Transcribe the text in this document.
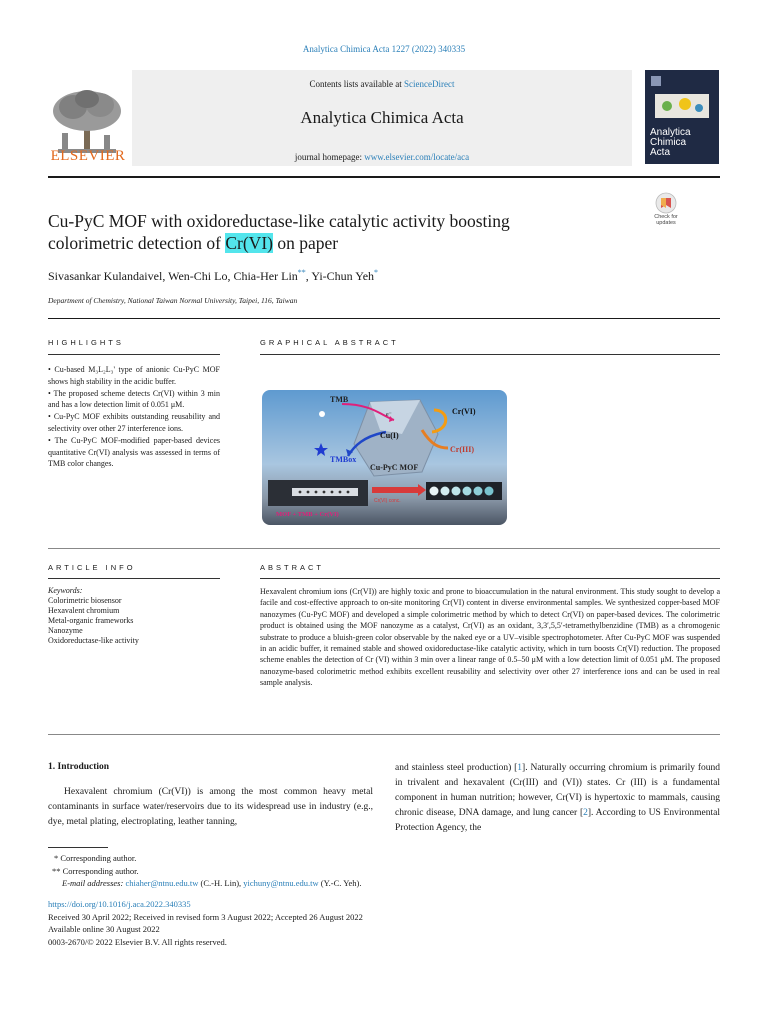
Analytica Chimica Acta 1227 (2022) 340335
ELSEVIER
Contents lists available at ScienceDirect
Analytica Chimica Acta
journal homepage: www.elsevier.com/locate/aca
Analytica
Chimica
Acta
Cu-PyC MOF with oxidoreductase-like catalytic activity boosting
colorimetric detection of Cr(VI) on paper
Check for updates
Sivasankar Kulandaivel, Wen-Chi Lo, Chia-Her Lin**, Yi-Chun Yeh*
Department of Chemistry, National Taiwan Normal University, Taipei, 116, Taiwan
HIGHLIGHTS
• Cu-based M₃L₂L₃' type of anionic Cu-PyC MOF shows high stability in the acidic buffer.
• The proposed scheme detects Cr(VI) within 3 min and has a low detection limit of 0.051 μM.
• Cu-PyC MOF exhibits outstanding reusability and selectivity over other 27 interference ions.
• The Cu-PyC MOF-modified paper-based devices quantitative Cr(VI) analysis was assessed in terms of TMB color changes.
GRAPHICAL ABSTRACT
TMB
e⁻
Cu(I)
Cr(VI)
Cr(III)
TMBox
Cu-PyC MOF
Cr(VI) conc.
MOF + TMB + Cr(VI)
ARTICLE INFO
Keywords:
Colorimetric biosensor
Hexavalent chromium
Metal-organic frameworks
Nanozyme
Oxidoreductase-like activity
ABSTRACT
Hexavalent chromium ions (Cr(VI)) are highly toxic and prone to bioaccumulation in the natural environment. This study sought to develop a facile and cost-effective approach to on-site monitoring Cr(VI) content in diverse environmental samples. We synthesized copper-based MOF nanozymes (Cu-PyC MOF) and developed a simple colorimetric method by which to detect Cr(VI) on paper-based devices. The colorimetric product is obtained using the MOF nanozyme as a catalyst, Cr(VI) as an oxidant, 3,3′,5,5′-tetramethylbenzidine (TMB) as a chromogenic substrate to produce a bluish-green color observable by the naked eye or a UV–visible spectrophotometer. After Cu-PyC MOF was suspended in an acidic buffer, it remained stable and showed oxidoreductase-like catalytic activity, which in turn boosts Cr(VI) reduction. The proposed scheme enables the detection of Cr (VI) within 3 min over a linear range of 0.5–50 μM with a low detection limit of 0.051 μM. The proposed nanozyme-based colorimetric method exhibits excellent reusability and selectivity over other 27 interference ions and can be used in real sample analysis.
1. Introduction
Hexavalent chromium (Cr(VI)) is among the most common heavy metal contaminants in surface water/reservoirs due to its widespread use in industry (e.g., dye, metal plating, electroplating, leather tanning,
and stainless steel production) [1]. Naturally occurring chromium is primarily found in trivalent and hexavalent (Cr(III) and (VI)) states. Cr (III) is a fundamental component in human nutrition; however, Cr(VI) is hypertoxic to mammals, causing chronic disease, DNA damage, and lung cancer [2]. According to US Environmental Protection Agency, the
* Corresponding author.
** Corresponding author.
E-mail addresses: chiaher@ntnu.edu.tw (C.-H. Lin), yichuny@ntnu.edu.tw (Y.-C. Yeh).
https://doi.org/10.1016/j.aca.2022.340335
Received 30 April 2022; Received in revised form 3 August 2022; Accepted 26 August 2022
Available online 30 August 2022
0003-2670/© 2022 Elsevier B.V. All rights reserved.
